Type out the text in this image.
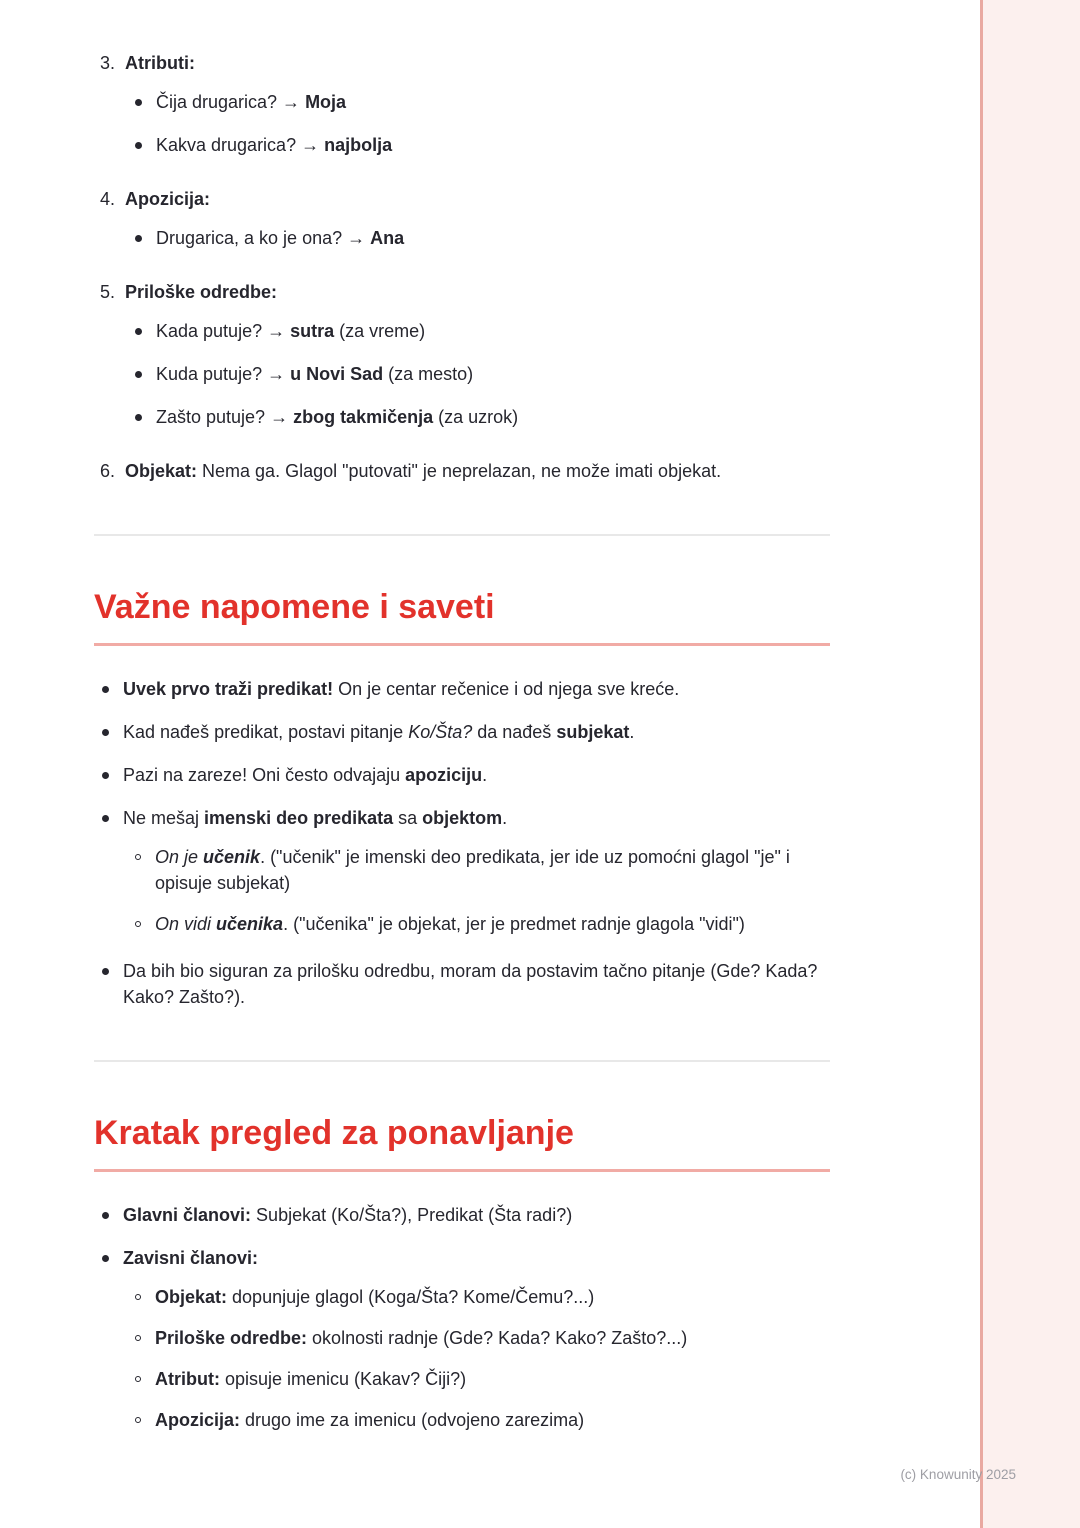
3. Atributi:
Čija drugarica? → Moja
Kakva drugarica? → najbolja
4. Apozicija:
Drugarica, a ko je ona? → Ana
5. Priloške odredbe:
Kada putuje? → sutra (za vreme)
Kuda putuje? → u Novi Sad (za mesto)
Zašto putuje? → zbog takmičenja (za uzrok)
6. Objekat: Nema ga. Glagol "putovati" je neprelazan, ne može imati objekat.
Važne napomene i saveti
Uvek prvo traži predikat! On je centar rečenice i od njega sve kreće.
Kad nađeš predikat, postavi pitanje Ko/Šta? da nađeš subjekat.
Pazi na zareze! Oni često odvajaju apoziciju.
Ne mešaj imenski deo predikata sa objektom.
On je učenik. ("učenik" je imenski deo predikata, jer ide uz pomoćni glagol "je" i opisuje subjekat)
On vidi učenika. ("učenika" je objekat, jer je predmet radnje glagola "vidi")
Da bih bio siguran za prilošku odredbu, moram da postavim tačno pitanje (Gde? Kada? Kako? Zašto?).
Kratak pregled za ponavljanje
Glavni članovi: Subjekat (Ko/Šta?), Predikat (Šta radi?)
Zavisni članovi:
Objekat: dopunjuje glagol (Koga/Šta? Kome/Čemu?...)
Priloške odredbe: okolnosti radnje (Gde? Kada? Kako? Zašto?...)
Atribut: opisuje imenicu (Kakav? Čiji?)
Apozicija: drugo ime za imenicu (odvojeno zarezima)
(c) Knowunity 2025
